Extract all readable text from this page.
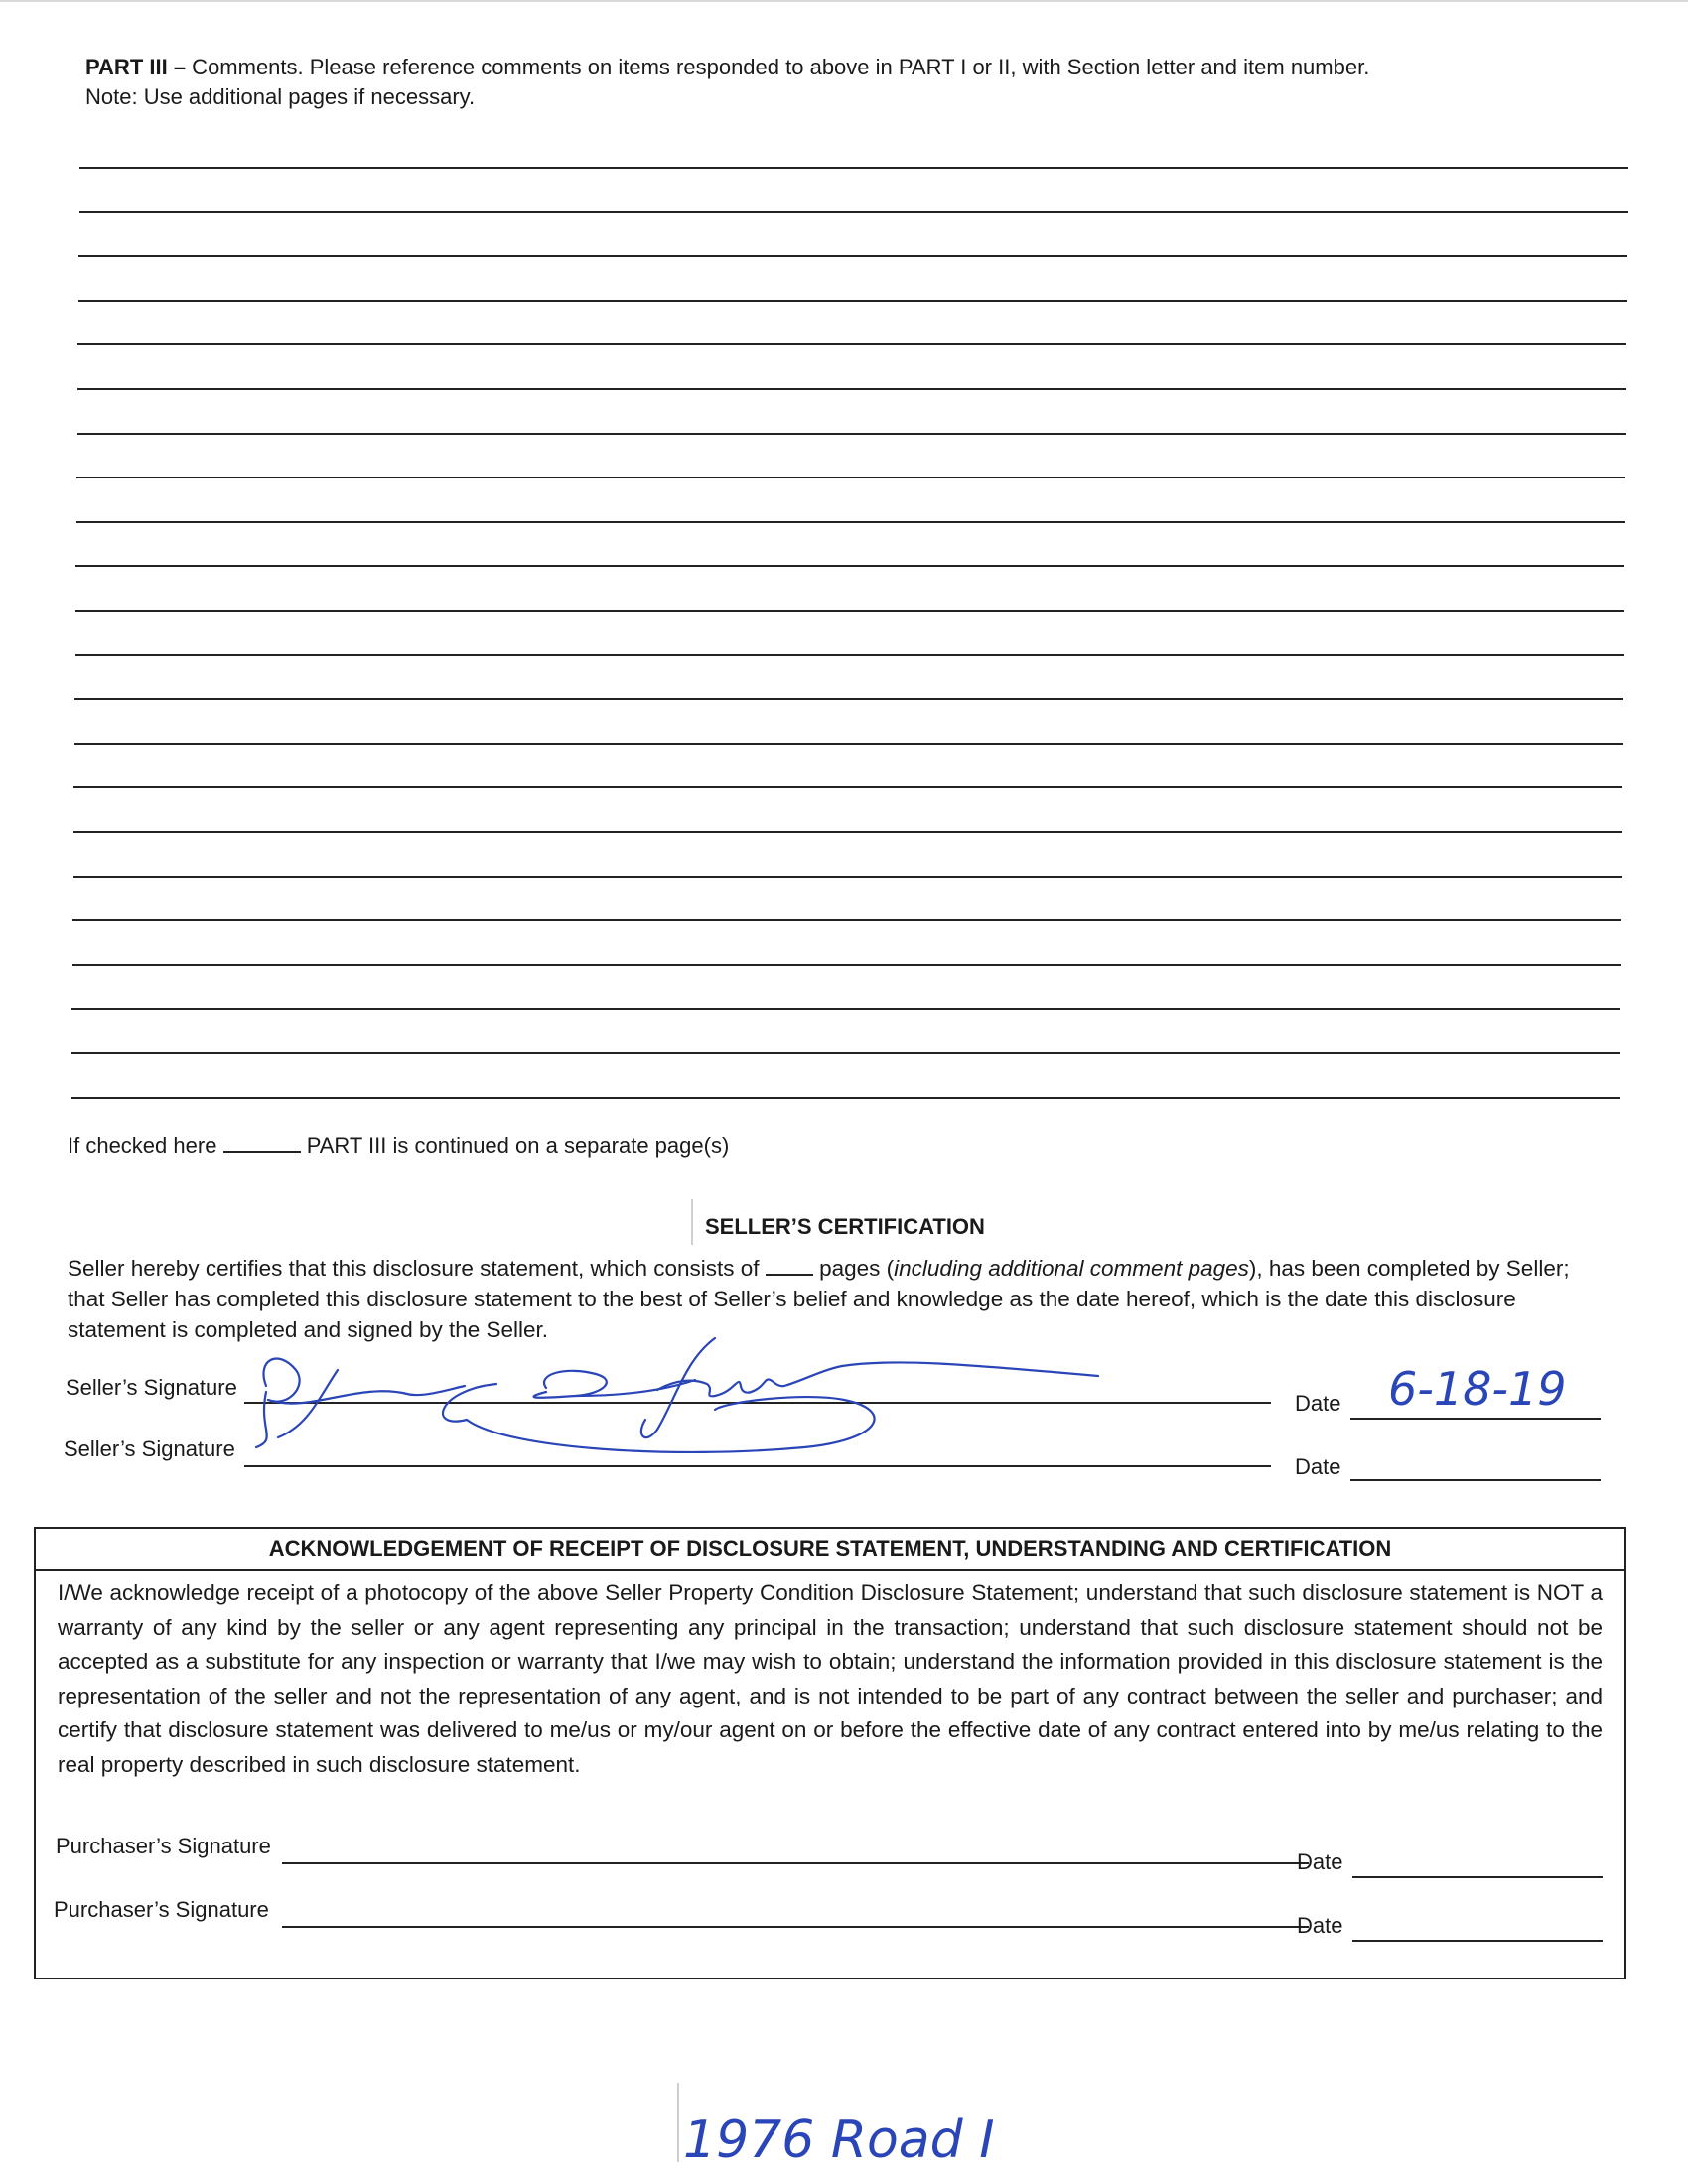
PART III – Comments. Please reference comments on items responded to above in PART I or II, with Section letter and item number.
Note: Use additional pages if necessary.
If checked here	PART III is continued on a separate page(s)
SELLER’S CERTIFICATION
Seller hereby certifies that this disclosure statement, which consists of	pages (including additional comment pages), has been completed by Seller;
that Seller has completed this disclosure statement to the best of Seller’s belief and knowledge as the date hereof, which is the date this disclosure
statement is completed and signed by the Seller.
Seller’s Signature
Date 6-18-19
Seller’s Signature
Date
ACKNOWLEDGEMENT OF RECEIPT OF DISCLOSURE STATEMENT, UNDERSTANDING AND CERTIFICATION
I/We acknowledge receipt of a photocopy of the above Seller Property Condition Disclosure Statement; understand that such disclosure statement is NOT a warranty of any kind by the seller or any agent representing any principal in the transaction; understand that such disclosure statement should not be accepted as a substitute for any inspection or warranty that I/we may wish to obtain; understand the information provided in this disclosure statement is the representation of the seller and not the representation of any agent, and is not intended to be part of any contract between the seller and purchaser; and certify that disclosure statement was delivered to me/us or my/our agent on or before the effective date of any contract entered into by me/us relating to the real property described in such disclosure statement.
Purchaser’s Signature
Date
Purchaser’s Signature
Date
1976 Road I
